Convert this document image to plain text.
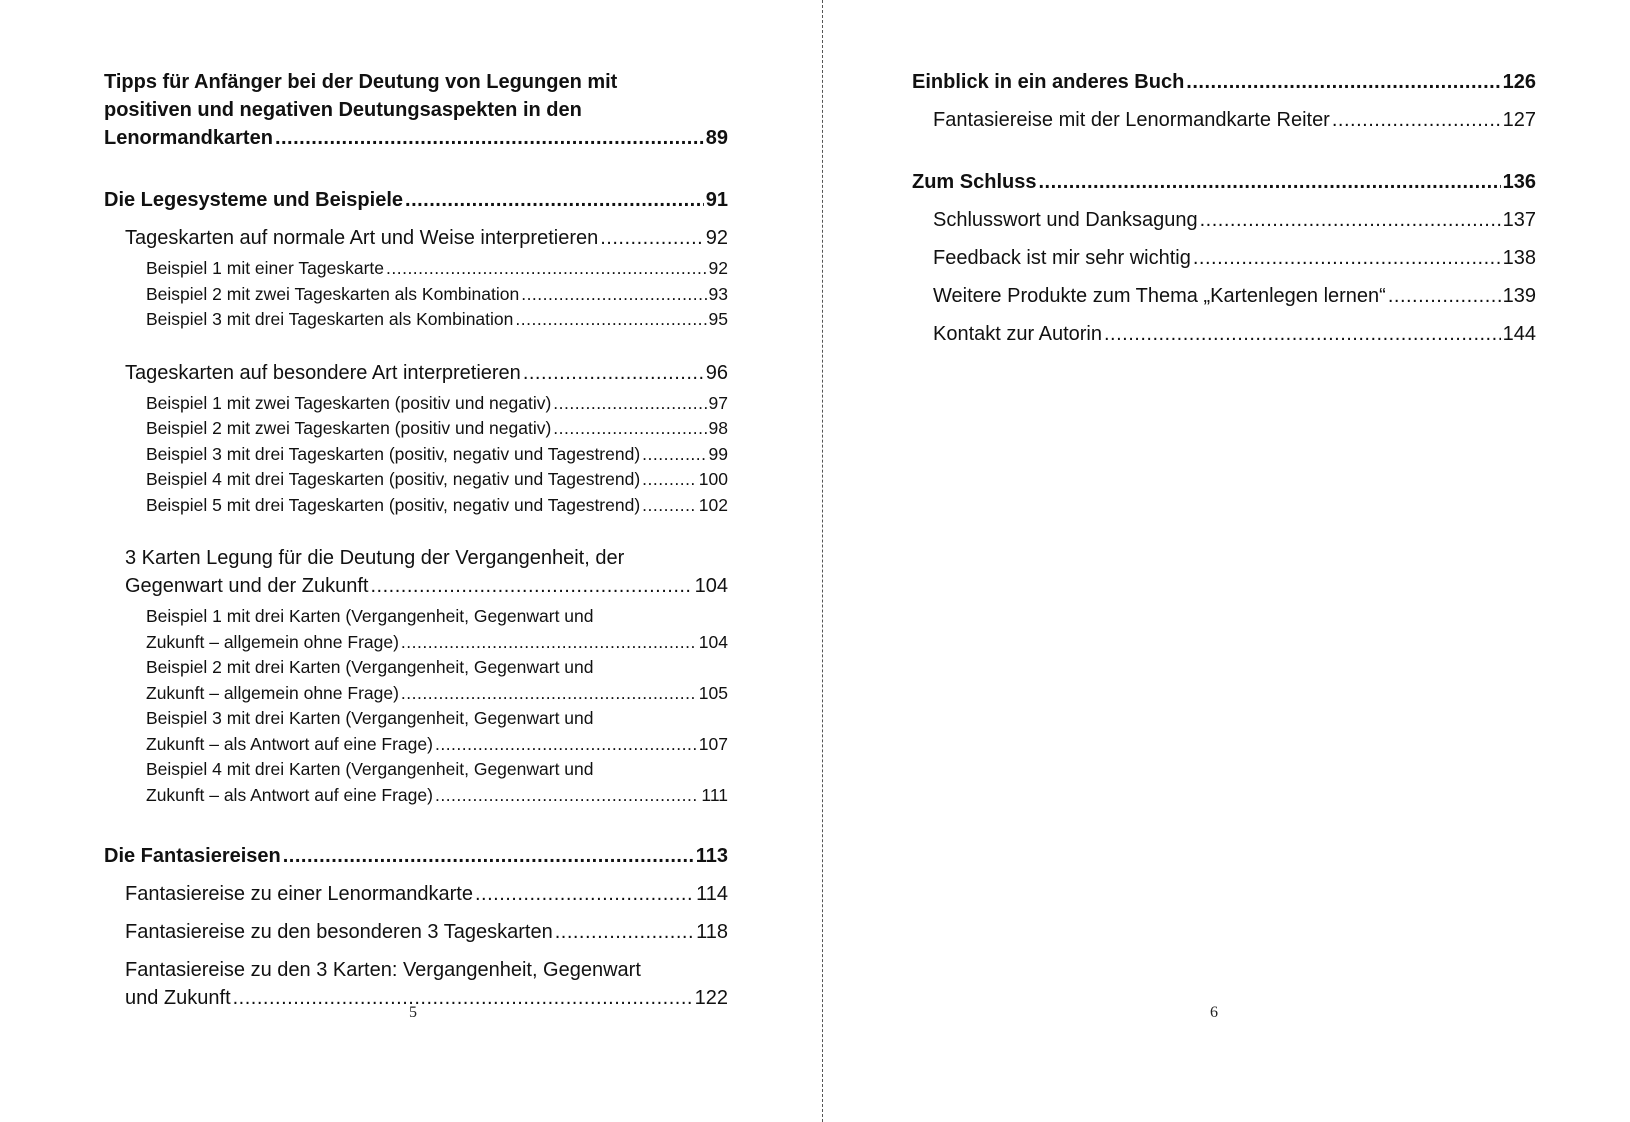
Tipps für Anfänger bei der Deutung von Legungen mit
positiven und negativen Deutungsaspekten in den
Lenormandkarten .....	89
Die Legesysteme und Beispiele .....	91
Tageskarten auf normale Art und Weise interpretieren .....	92
Beispiel 1 mit einer Tageskarte .....	92
Beispiel 2 mit zwei Tageskarten als Kombination .....	93
Beispiel 3 mit drei Tageskarten als Kombination .....	95
Tageskarten auf besondere Art interpretieren .....	96
Beispiel 1 mit zwei Tageskarten (positiv und negativ) .....	97
Beispiel 2 mit zwei Tageskarten (positiv und negativ) .....	98
Beispiel 3 mit drei Tageskarten (positiv, negativ und Tagestrend) .....	99
Beispiel 4 mit drei Tageskarten (positiv, negativ und Tagestrend) .....	100
Beispiel 5 mit drei Tageskarten (positiv, negativ und Tagestrend) .....	102
3 Karten Legung für die Deutung der Vergangenheit, der
Gegenwart und der Zukunft .....	104
Beispiel 1 mit drei Karten (Vergangenheit, Gegenwart und
Zukunft – allgemein ohne Frage) .....	104
Beispiel 2 mit drei Karten (Vergangenheit, Gegenwart und
Zukunft – allgemein ohne Frage) .....	105
Beispiel 3 mit drei Karten (Vergangenheit, Gegenwart und
Zukunft – als Antwort auf eine Frage) .....	107
Beispiel 4 mit drei Karten (Vergangenheit, Gegenwart und
Zukunft – als Antwort auf eine Frage) .....	111
Die Fantasiereisen .....	113
Fantasiereise zu einer Lenormandkarte .....	114
Fantasiereise zu den besonderen 3 Tageskarten .....	118
Fantasiereise zu den 3 Karten: Vergangenheit, Gegenwart
und Zukunft .....	122
5
Einblick in ein anderes Buch .....	126
Fantasiereise mit der Lenormandkarte Reiter .....	127
Zum Schluss .....	136
Schlusswort und Danksagung .....	137
Feedback ist mir sehr wichtig .....	138
Weitere Produkte zum Thema „Kartenlegen lernen“ .....	139
Kontakt zur Autorin .....	144
6
